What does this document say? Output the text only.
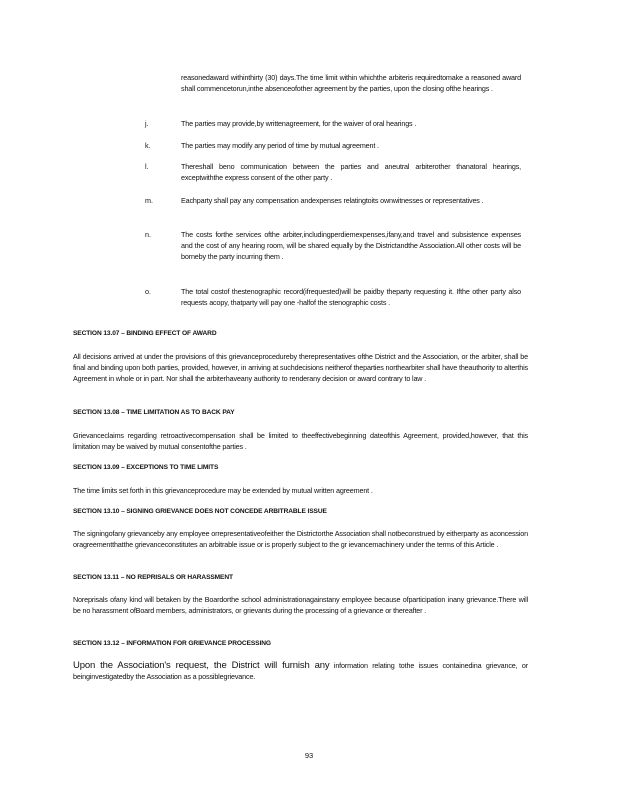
reasonedaward withinthirty (30) days.The time limit within whichthe arbiteris requiredtomake a reasoned award shall commencetorun,inthe absenceofother agreement by the parties, upon the closing ofthe hearings .
j.	The parties may provide,by writtenagreement, for the waiver of oral hearings .
k.	The parties may modify any period of time by mutual agreement .
l.	Thereshall beno communication between the parties and aneutral arbiterother thanatoral hearings, exceptwiththe express consent of the other party .
m.	Eachparty shall pay any compensation andexpenses relatingtoits ownwitnesses or representatives .
n.	The costs forthe services ofthe arbiter,includingperdiemexpenses,ifany,and travel and subsistence expenses and the cost of any hearing room, will be shared equally by the Districtandthe Association.All other costs will be borneby the party incurring them .
o.	The total costof thestenographic record(ifrequested)will be paidby theparty requesting it. Ifthe other party also requests acopy, thatparty will pay one -halfof the stenographic costs .
SECTION 13.07 – BINDING EFFECT OF AWARD
All decisions arrived at under the provisions of this grievanceprocedureby therepresentatives ofthe District and the Association, or the arbiter, shall be final and binding upon both parties, provided, however, in arriving at suchdecisions neitherof theparties northearbiter shall have theauthority to alterthis Agreement in whole or in part. Nor shall the arbiterhaveany authority to renderany decision or award contrary to law .
SECTION 13.08 – TIME LIMITATION AS TO BACK PAY
Grievanceclaims regarding retroactivecompensation shall be limited to theeffectivebeginning dateofthis Agreement, provided,however, that this limitation may be waived by mutual consentofthe parties .
SECTION 13.09 – EXCEPTIONS TO TIME LIMITS
The time limits set forth in this grievanceprocedure may be extended by mutual written agreement .
SECTION 13.10 – SIGNING GRIEVANCE DOES NOT CONCEDE ARBITRABLE ISSUE
The signingofany grievanceby any employee orrepresentativeofeither the Districtorthe Association shall notbeconstrued by eitherparty as aconcession oragreementthatthe grievanceconstitutes an arbitrable issue or is properly subject to the gr ievancemachinery under the terms of this Article .
SECTION 13.11 – NO REPRISALS OR HARASSMENT
Noreprisals ofany kind will betaken by the Boardorthe school administrationagainstany employee because ofparticipation inany grievance.There will be no harassment ofBoard members, administrators, or grievants during the processing of a grievance or thereafter .
SECTION 13.12 – INFORMATION FOR GRIEVANCE PROCESSING
Upon the Association's request, the District will furnish any information relating tothe issues containedina grievance, or beinginvestigatedby the Association as a possiblegrievance.
93
